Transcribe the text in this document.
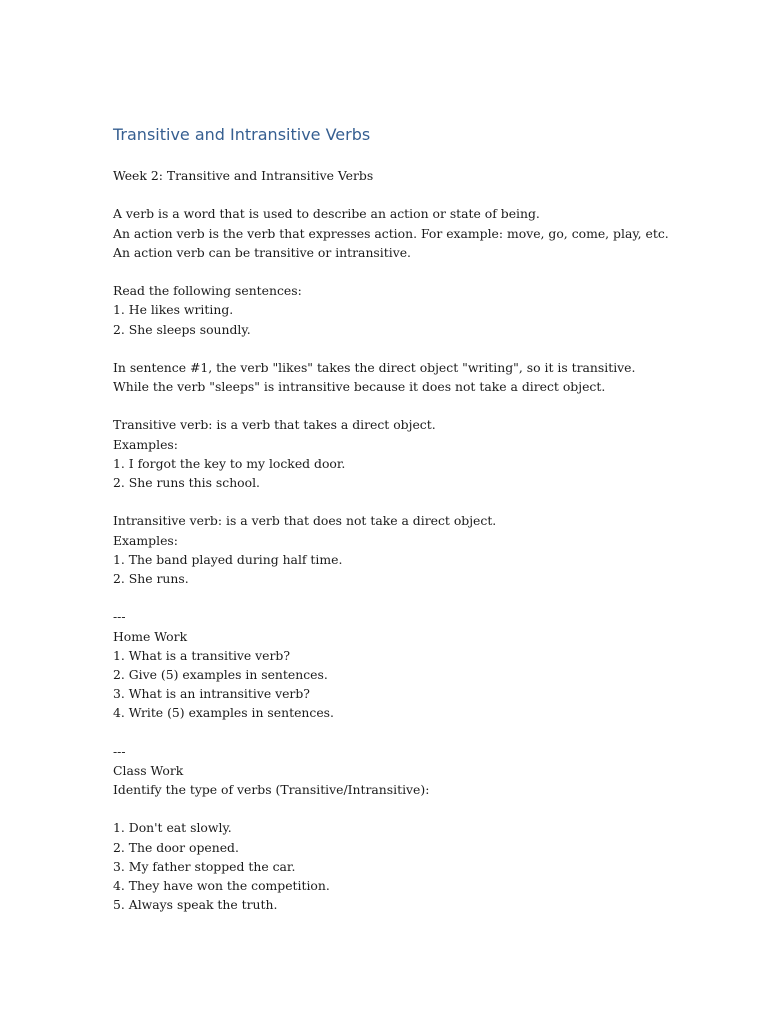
Transitive and Intransitive Verbs
Week 2: Transitive and Intransitive Verbs
A verb is a word that is used to describe an action or state of being.
An action verb is the verb that expresses action. For example: move, go, come, play, etc.
An action verb can be transitive or intransitive.
Read the following sentences:
1. He likes writing.
2. She sleeps soundly.
In sentence #1, the verb "likes" takes the direct object "writing", so it is transitive.
While the verb "sleeps" is intransitive because it does not take a direct object.
Transitive verb: is a verb that takes a direct object.
Examples:
1. I forgot the key to my locked door.
2. She runs this school.
Intransitive verb: is a verb that does not take a direct object.
Examples:
1. The band played during half time.
2. She runs.
---
Home Work
1. What is a transitive verb?
2. Give (5) examples in sentences.
3. What is an intransitive verb?
4. Write (5) examples in sentences.
---
Class Work
Identify the type of verbs (Transitive/Intransitive):
1. Don't eat slowly.
2. The door opened.
3. My father stopped the car.
4. They have won the competition.
5. Always speak the truth.
